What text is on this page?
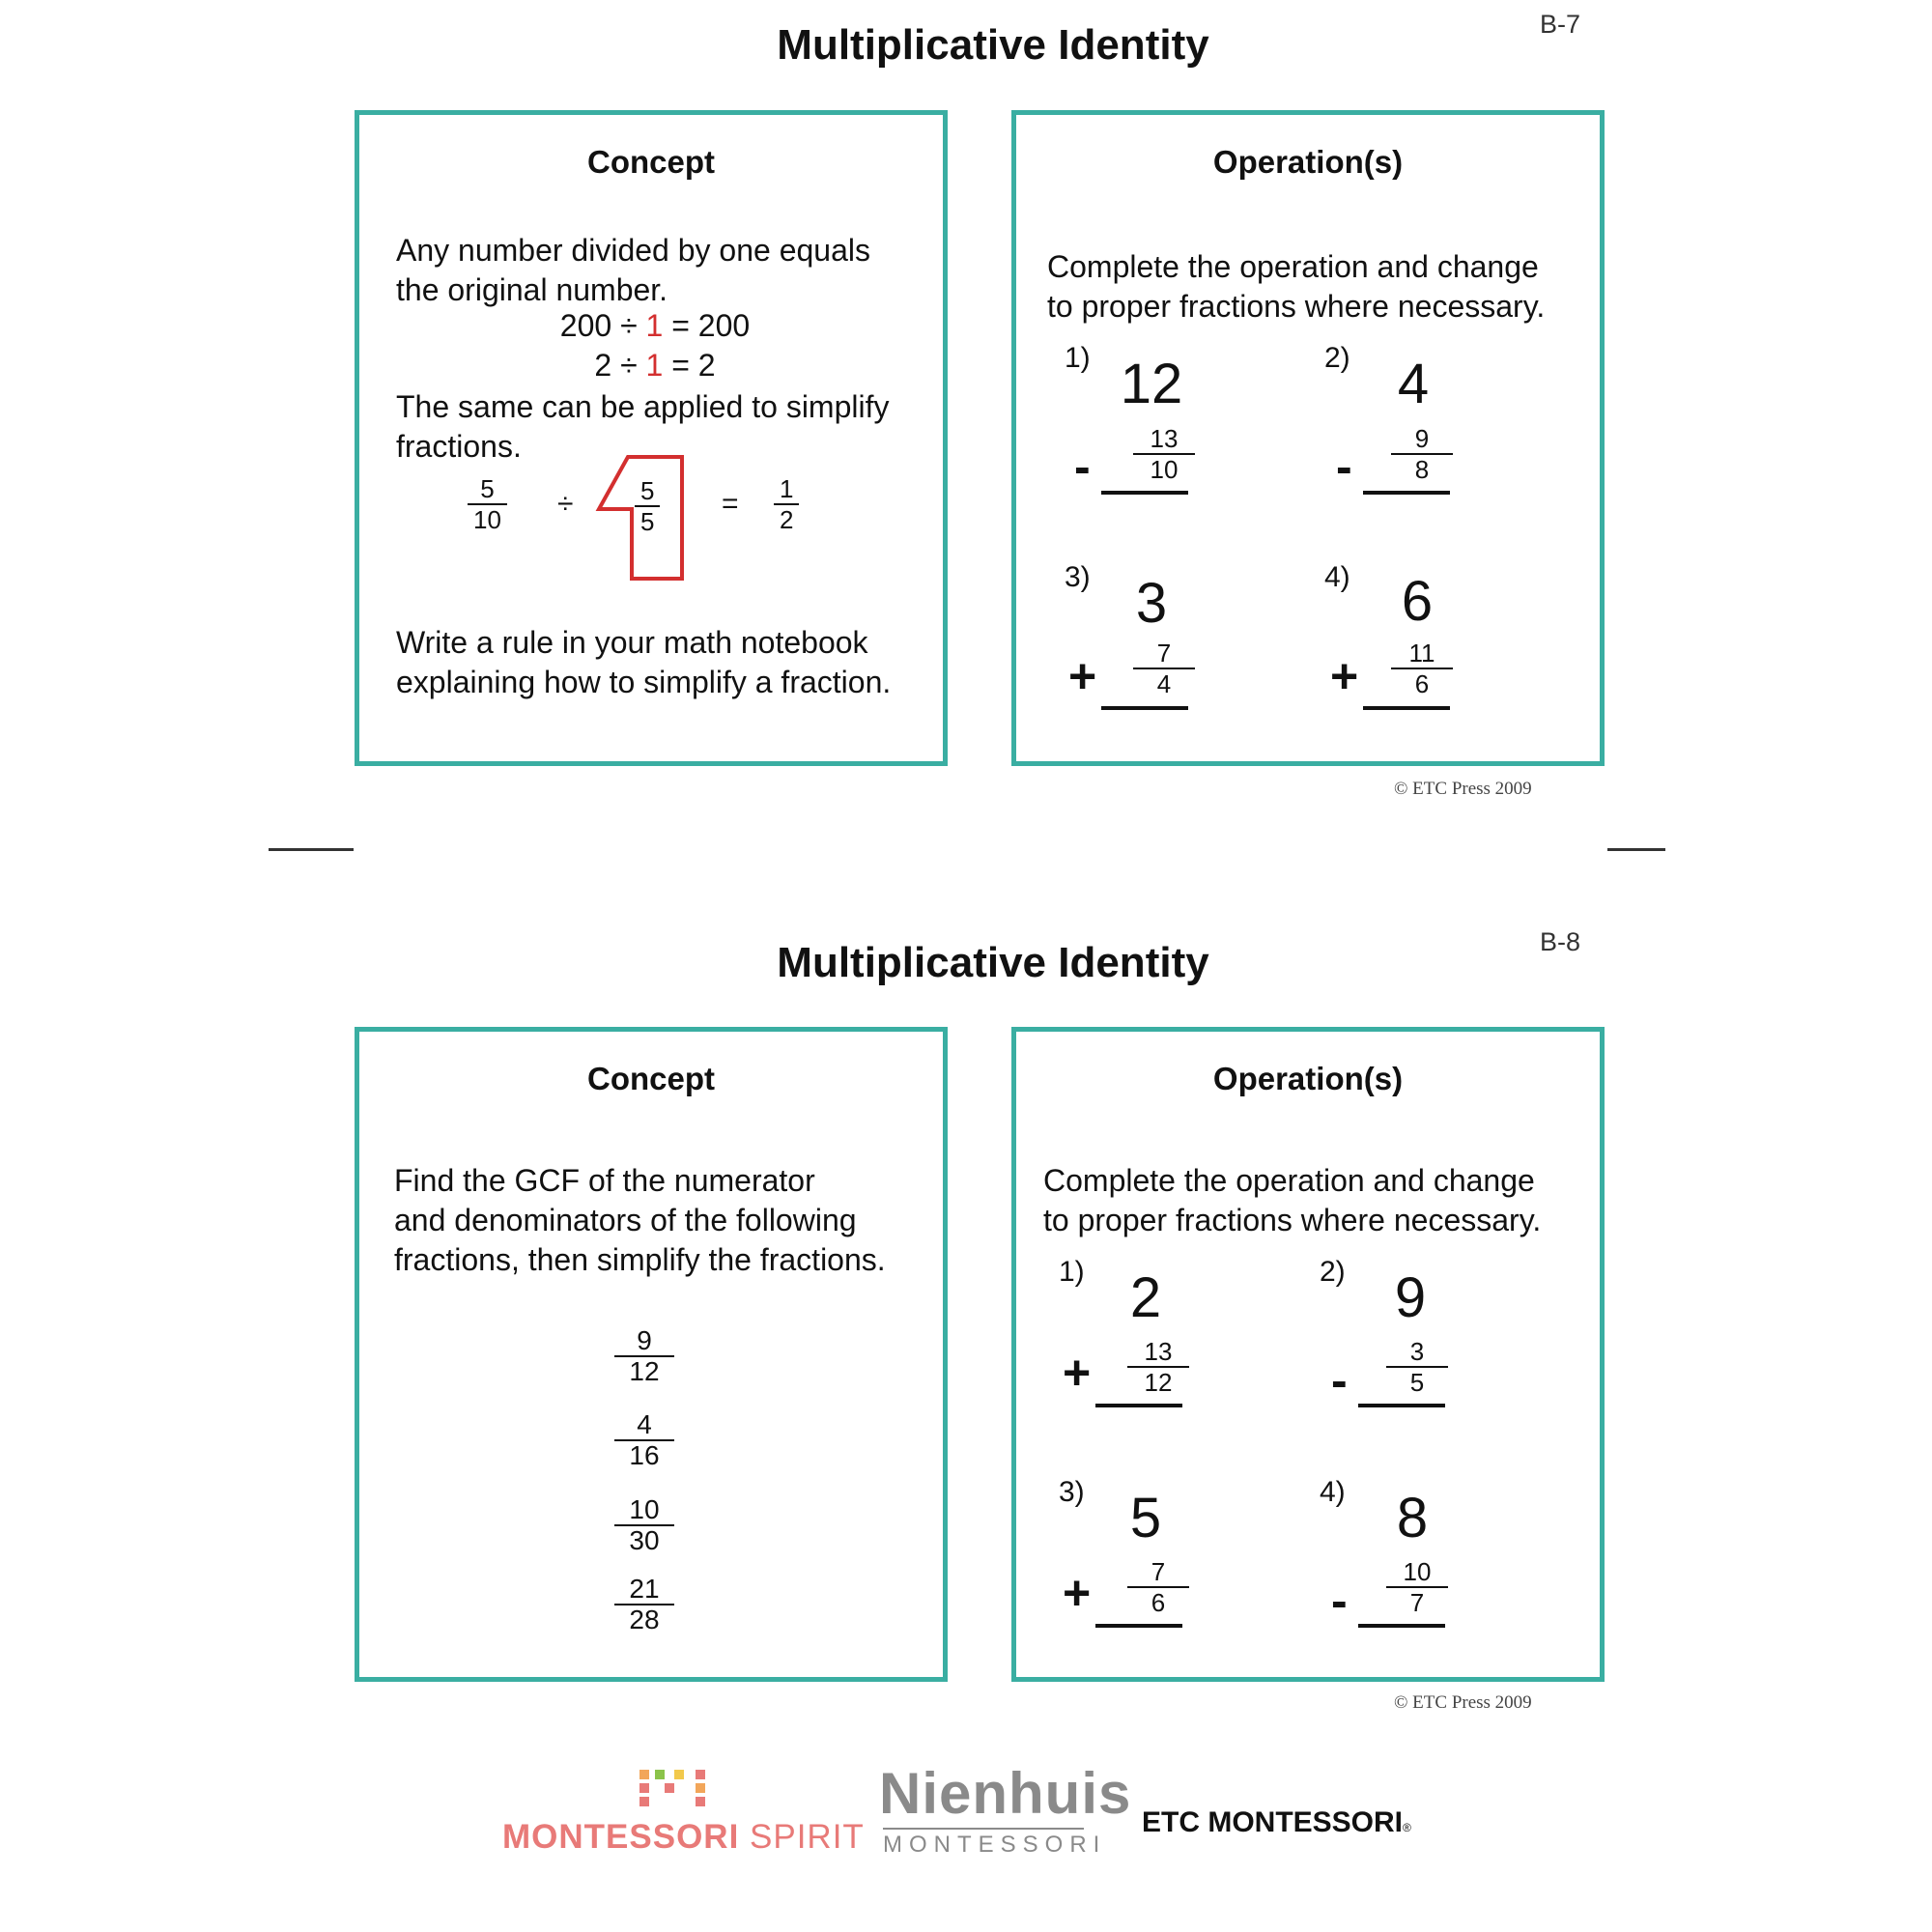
Multiplicative Identity	B-7
Concept
Any number divided by one equals
the original number.
200 ÷ 1 = 200
2 ÷ 1 = 2
The same can be applied to simplify
fractions.
$\frac{5}{10} \div \frac{5}{5} = \frac{1}{2}$
Write a rule in your math notebook
explaining how to simplify a fraction.
Operation(s)
Complete the operation and change
to proper fractions where necessary.
1) 12
- $\frac{13}{10}$
2) 4
- $\frac{9}{8}$
3) 3
+ $\frac{7}{4}$
4) 6
+ $\frac{11}{6}$
© ETC Press 2009
Multiplicative Identity	B-8
Concept
Find the GCF of the numerator
and denominators of the following
fractions, then simplify the fractions.
$\frac{9}{12}$
$\frac{4}{16}$
$\frac{10}{30}$
$\frac{21}{28}$
Operation(s)
Complete the operation and change
to proper fractions where necessary.
1) 2
+ $\frac{13}{12}$
2) 9
- $\frac{3}{5}$
3) 5
+ $\frac{7}{6}$
4) 8
- $\frac{10}{7}$
© ETC Press 2009
MONTESSORI SPIRIT
Nienhuis
MONTESSORI
ETC MONTESSORI®
